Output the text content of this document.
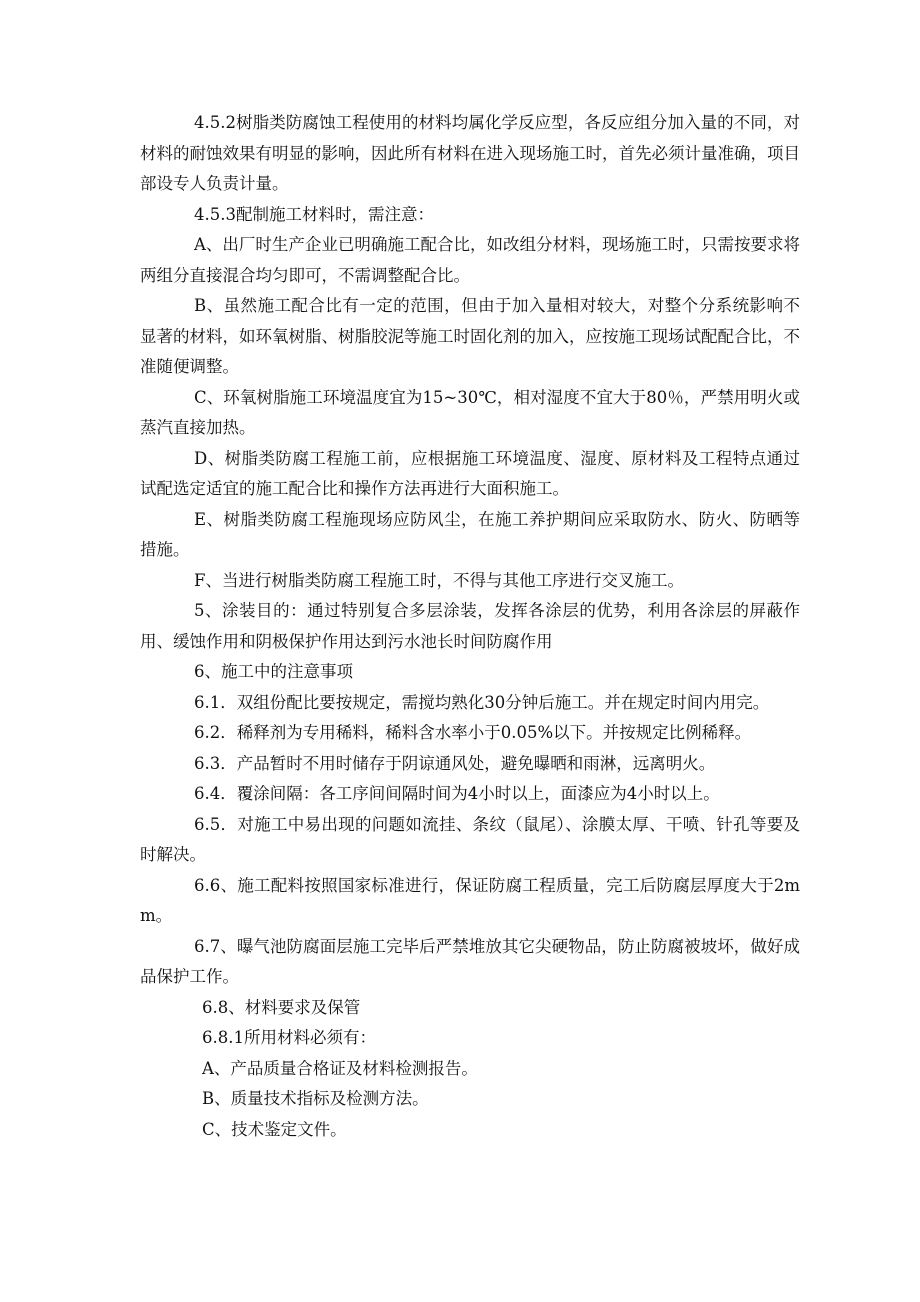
4.5.2树脂类防腐蚀工程使用的材料均属化学反应型，各反应组分加入量的不同，对材料的耐蚀效果有明显的影响，因此所有材料在进入现场施工时，首先必须计量准确，项目部设专人负责计量。

4.5.3配制施工材料时，需注意：

A、出厂时生产企业已明确施工配合比，如改组分材料，现场施工时，只需按要求将两组分直接混合均匀即可，不需调整配合比。

B、虽然施工配合比有一定的范围，但由于加入量相对较大，对整个分系统影响不显著的材料，如环氧树脂、树脂胶泥等施工时固化剂的加入，应按施工现场试配配合比，不准随便调整。

C、环氧树脂施工环境温度宜为15~30℃，相对湿度不宜大于80％，严禁用明火或蒸汽直接加热。

D、树脂类防腐工程施工前，应根据施工环境温度、湿度、原材料及工程特点通过试配选定适宜的施工配合比和操作方法再进行大面积施工。

E、树脂类防腐工程施现场应防风尘，在施工养护期间应采取防水、防火、防晒等措施。

F、当进行树脂类防腐工程施工时，不得与其他工序进行交叉施工。

5、涂装目的：通过特别复合多层涂装，发挥各涂层的优势，利用各涂层的屏蔽作用、缓蚀作用和阴极保护作用达到污水池长时间防腐作用

6、施工中的注意事项

6.1．双组份配比要按规定，需搅均熟化30分钟后施工。并在规定时间内用完。

6.2．稀释剂为专用稀料，稀料含水率小于0.05%以下。并按规定比例稀释。

6.3．产品暂时不用时储存于阴谅通风处，避免曝晒和雨淋，远离明火。

6.4．覆涂间隔：各工序间间隔时间为4小时以上，面漆应为4小时以上。

6.5．对施工中易出现的问题如流挂、条纹（鼠尾）、涂膜太厚、干喷、针孔等要及时解决。

6.6、施工配料按照国家标准进行，保证防腐工程质量，完工后防腐层厚度大于2mm。

6.7、曝气池防腐面层施工完毕后严禁堆放其它尖硬物品，防止防腐被坡坏，做好成品保护工作。

6.8、材料要求及保管

6.8.1所用材料必须有：

A、产品质量合格证及材料检测报告。

B、质量技术指标及检测方法。

C、技术鉴定文件。
